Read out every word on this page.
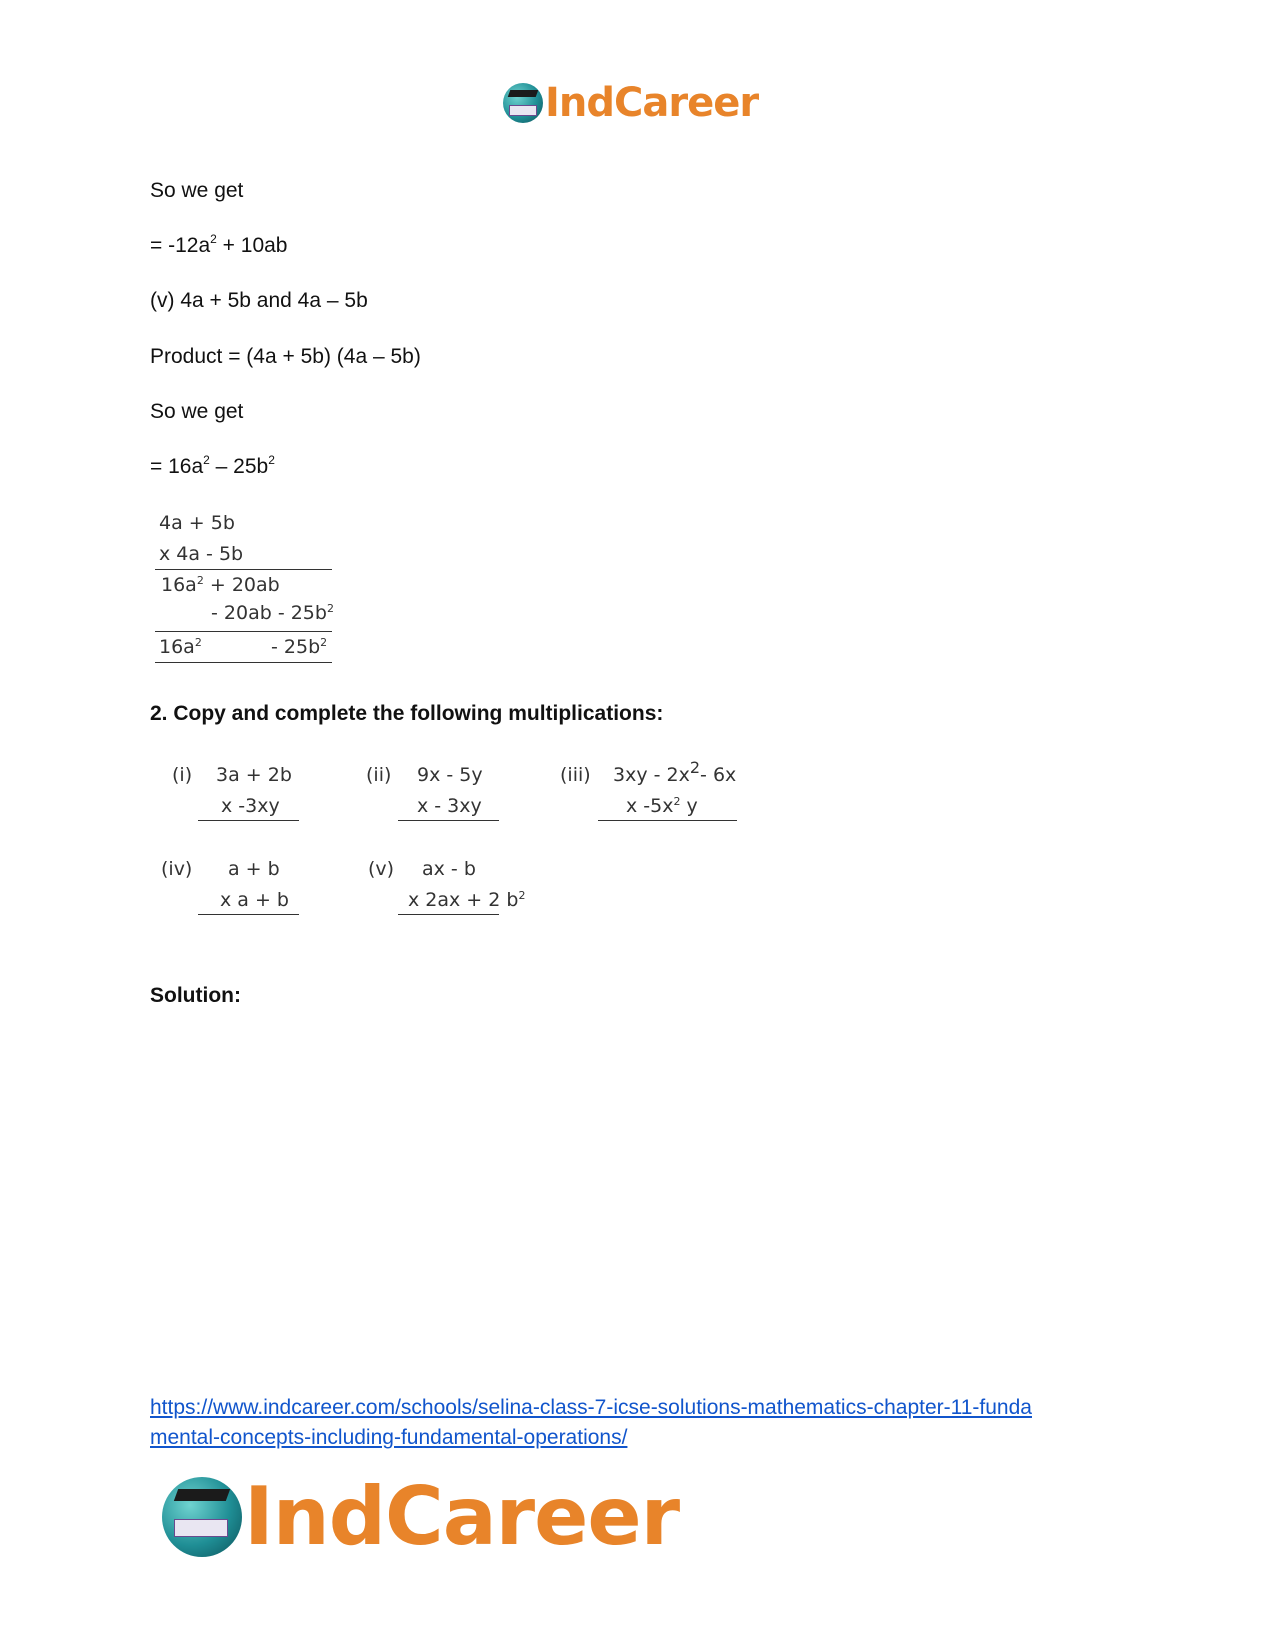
IndCareer
So we get
= $-12a^2 + 10ab$
(v) 4a + 5b and 4a – 5b
Product = (4a + 5b) (4a – 5b)
So we get
= $16a^2 - 25b^2$
4a + 5b
x 4a - 5b
$16a^2 + 20ab$
- $20ab - 25b^2$
$16a^2$	- $25b^2$
2. Copy and complete the following multiplications:
(i) 3a + 2b
x -3xy
(ii) 9x - 5y
x - 3xy
(iii) $3xy - 2x^2-$ 6x
x $-5x^2$ y
(iv) a + b
x a + b
(v) ax - b
x 2ax + 2 $b^2$
Solution:
https://www.indcareer.com/schools/selina-class-7-icse-solutions-mathematics-chapter-11-funda
mental-concepts-including-fundamental-operations/
IndCareer
